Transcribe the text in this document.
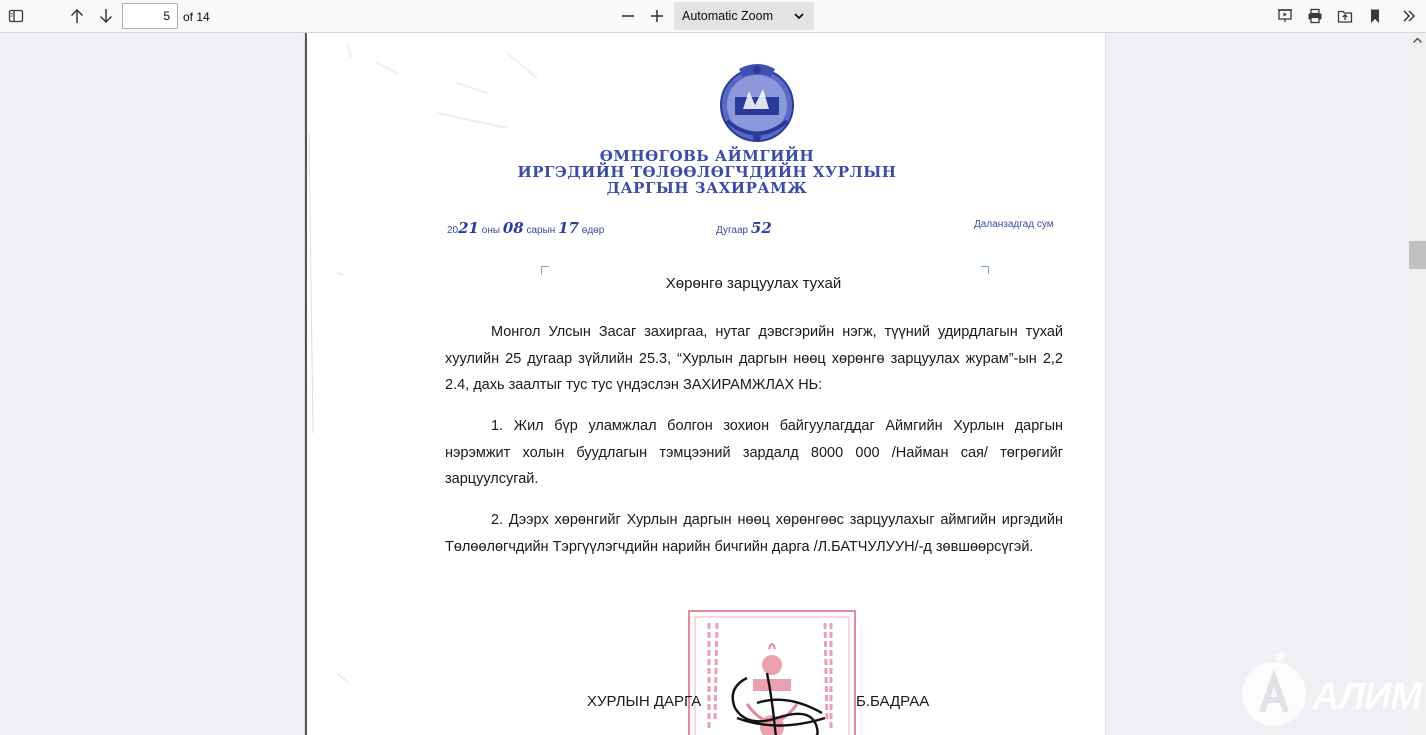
5	of 14	Automatic Zoom
ӨМНӨГОВЬ АЙМГИЙН
ИРГЭДИЙН ТӨЛӨӨЛӨГЧДИЙН ХУРЛЫН
ДАРГЫН ЗАХИРАМЖ
2021 оны 08 сарын 17 өдөр	Дугаар 52	Даланзадгад сум
Хөрөнгө зарцуулах тухай
Монгол Улсын Засаг захиргаа, нутаг дэвсгэрийн нэгж, түүний удирдлагын тухай хуулийн 25 дугаар зүйлийн 25.3, “Хурлын даргын нөөц хөрөнгө зарцуулах журам”-ын 2,2 2.4, дахь заалтыг тус тус үндэслэн ЗАХИРАМЖЛАХ НЬ:
1. Жил бүр уламжлал болгон зохион байгуулагддаг Аймгийн Хурлын даргын нэрэмжит холын буудлагын тэмцээний зардалд 8000 000 /Найман сая/ төгрөгийг зарцуулсугай.
2. Дээрх хөрөнгийг Хурлын даргын нөөц хөрөнгөөс зарцуулахыг аймгийн иргэдийн Төлөөлөгчдийн Тэргүүлэгчдийн нарийн бичгийн дарга /Л.БАТЧУЛУУН/-д зөвшөөрсүгэй.
ХУРЛЫН ДАРГА	Б.БАДРАА
АЛИМ МЭТ АМТТАЙ
АЛИМ
